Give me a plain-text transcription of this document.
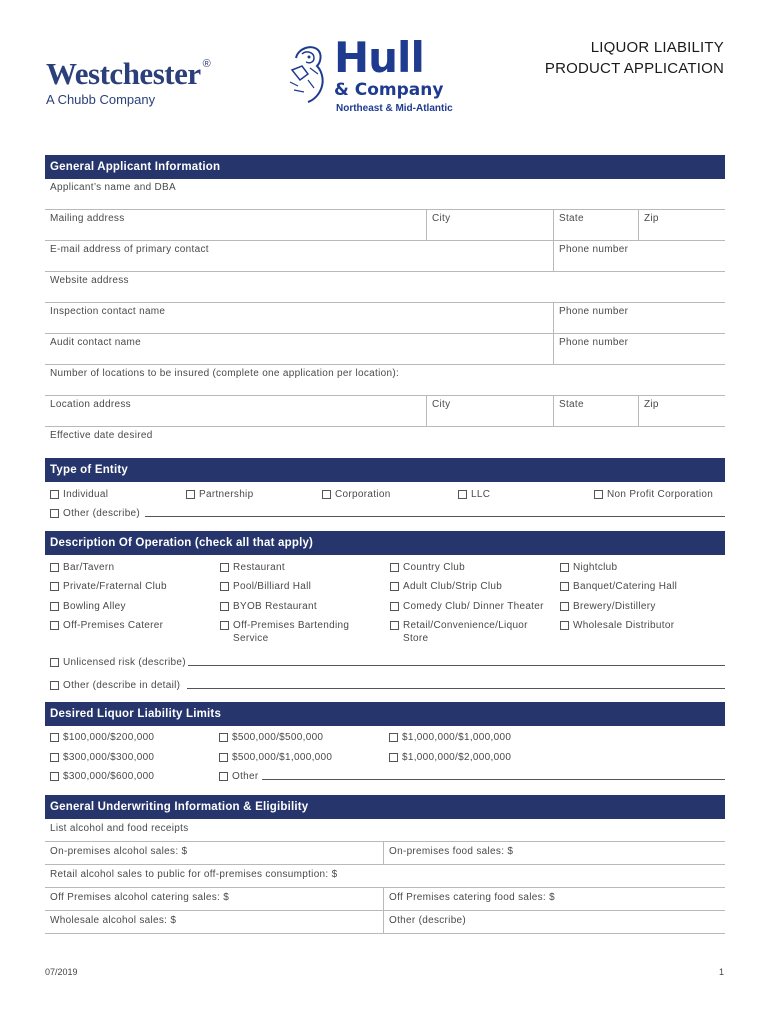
Westchester ®
A Chubb Company
Hull
& Company
Northeast & Mid-Atlantic
LIQUOR LIABILITY
PRODUCT APPLICATION
General Applicant Information
Applicant’s name and DBA
Mailing address	City	State	Zip
E-mail address of primary contact	Phone number
Website address
Inspection contact name	Phone number
Audit contact name	Phone number
Number of locations to be insured (complete one application per location):
Location address	City	State	Zip
Effective date desired
Type of Entity
Individual	Partnership	Corporation	LLC	Non Profit Corporation
Other (describe)
Description Of Operation (check all that apply)
Bar/Tavern
Private/Fraternal Club
Bowling Alley
Off-Premises Caterer
Restaurant
Pool/Billiard Hall
BYOB Restaurant
Off-Premises Bartending Service
Country Club
Adult Club/Strip Club
Comedy Club/ Dinner Theater
Retail/Convenience/Liquor Store
Nightclub
Banquet/Catering Hall
Brewery/Distillery
Wholesale Distributor
Unlicensed risk (describe)
Other (describe in detail)
Desired Liquor Liability Limits
$100,000/$200,000
$300,000/$300,000
$300,000/$600,000
$500,000/$500,000
$500,000/$1,000,000
Other
$1,000,000/$1,000,000
$1,000,000/$2,000,000
General Underwriting Information & Eligibility
List alcohol and food receipts
On-premises alcohol sales: $	On-premises food sales: $
Retail alcohol sales to public for off-premises consumption: $
Off Premises alcohol catering sales: $	Off Premises catering food sales: $
Wholesale alcohol sales: $	Other (describe)
07/2019	1
